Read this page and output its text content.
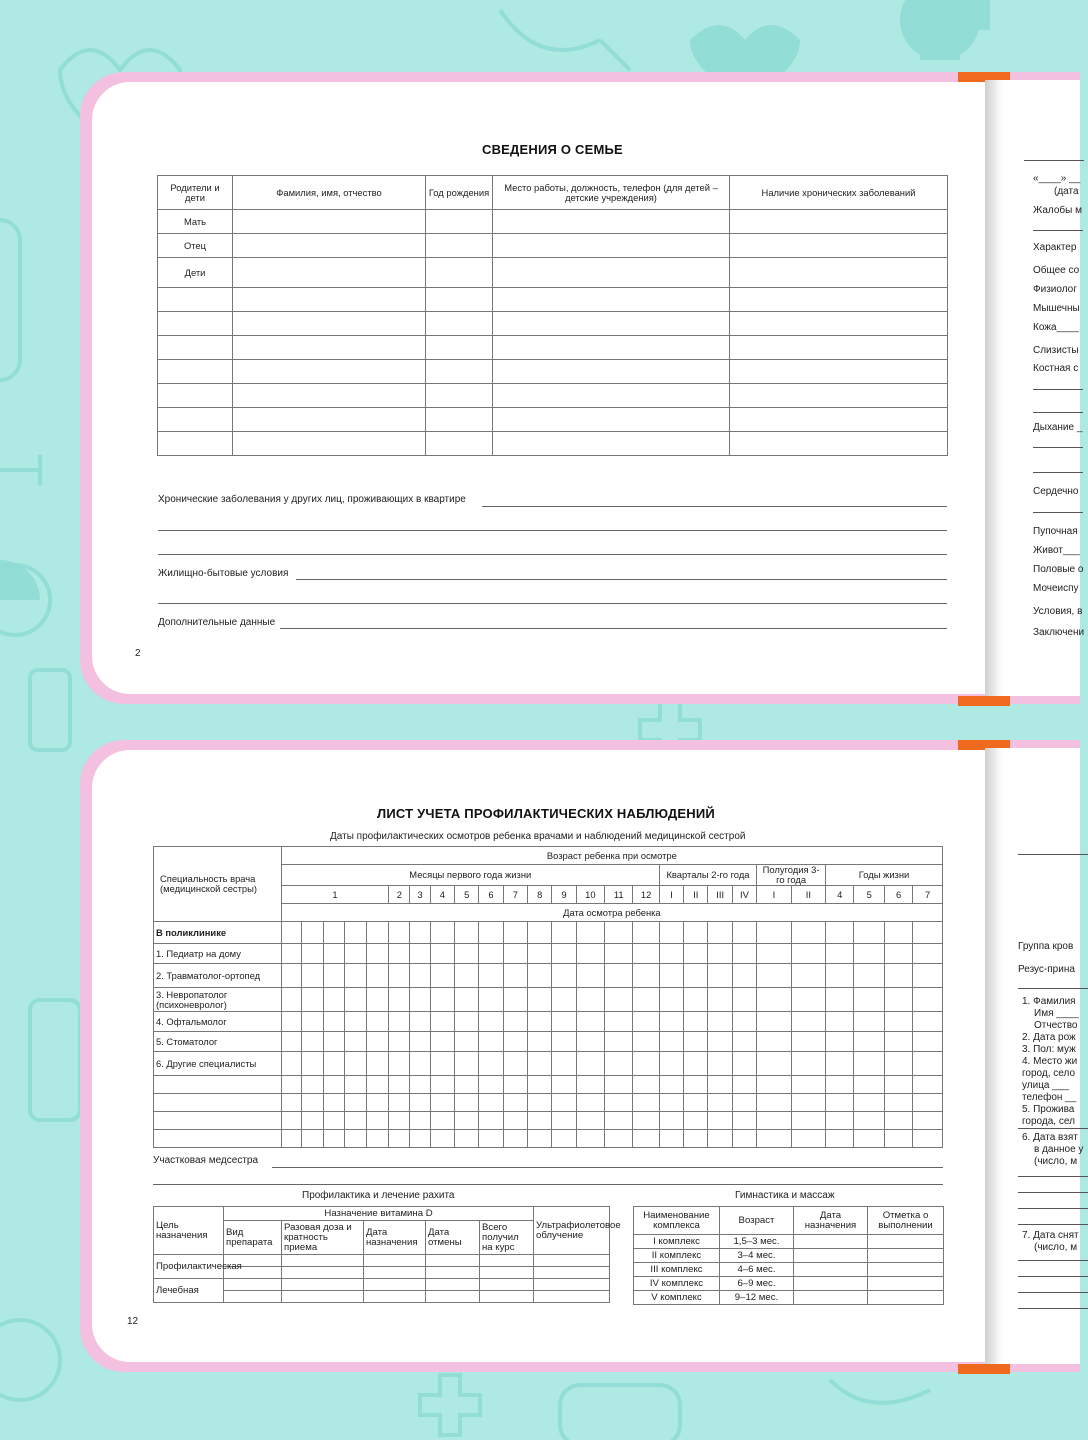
СВЕДЕНИЯ О СЕМЬЕ
Родители и дети	Фамилия, имя, отчество	Год рождения	Место работы, должность, телефон (для детей – детские учреждения)	Наличие хронических заболеваний
Мать				
Отец				
Дети				

Хронические заболевания у других лиц, проживающих в квартире
Жилищно-бытовые условия
Дополнительные данные
2
«____» __
(дата
Жалобы м
Характер
Общее со
Физиолог
Мышечны
Кожа____
Слизисты
Костная с
Дыхание _
Сердечно
Пупочная
Живот___
Половые о
Мочеиспу
Условия, в
Заключени
ЛИСТ УЧЕТА ПРОФИЛАКТИЧЕСКИХ НАБЛЮДЕНИЙ
Даты профилактических осмотров ребенка врачами и наблюдений медицинской сестрой
Специальность врача (медицинской сестры)	Возраст ребенка при осмотре																									
	Месяцы первого года жизни																Кварталы 2-го года				Полугодия 3-го года		Годы жизни			
	1					2	3	4	5	6	7	8	9	10	11	12	I	II	III	IV	I	II	4	5	6	7
	Дата осмотра ребенка																									
В поликлинике																										
1. Педиатр на дому																										
2. Травматолог-ортопед																										
3. Невропатолог (психоневролог)																										
4. Офтальмолог																										
5. Стоматолог																										
6. Другие специалисты																										

Участковая медсестра
Профилактика и лечение рахита
Цель назначения	Назначение витамина D					Ультрафиолетовое облучение
	Вид препарата	Разовая доза и кратность приема	Дата назначения	Дата отмены	Всего получил на курс	
Профилактическая						

Лечебная						

Гимнастика и массаж
Наименование комплекса	Возраст	Дата назначения	Отметка о выполнении
I комплекс	1,5–3 мес.		
II комплекс	3–4 мес.		
III комплекс	4–6 мес.		
IV комплекс	6–9 мес.		
V комплекс	9–12 мес.		
12
Группа кров
Резус-прина
1. Фамилия
Имя ____
Отчество
2. Дата рож
3. Пол: муж
4. Место жи
город, село
улица ___
телефон __
5. Прожива
города, сел
6. Дата взят
в данное у
(число, м
7. Дата снят
(число, м
